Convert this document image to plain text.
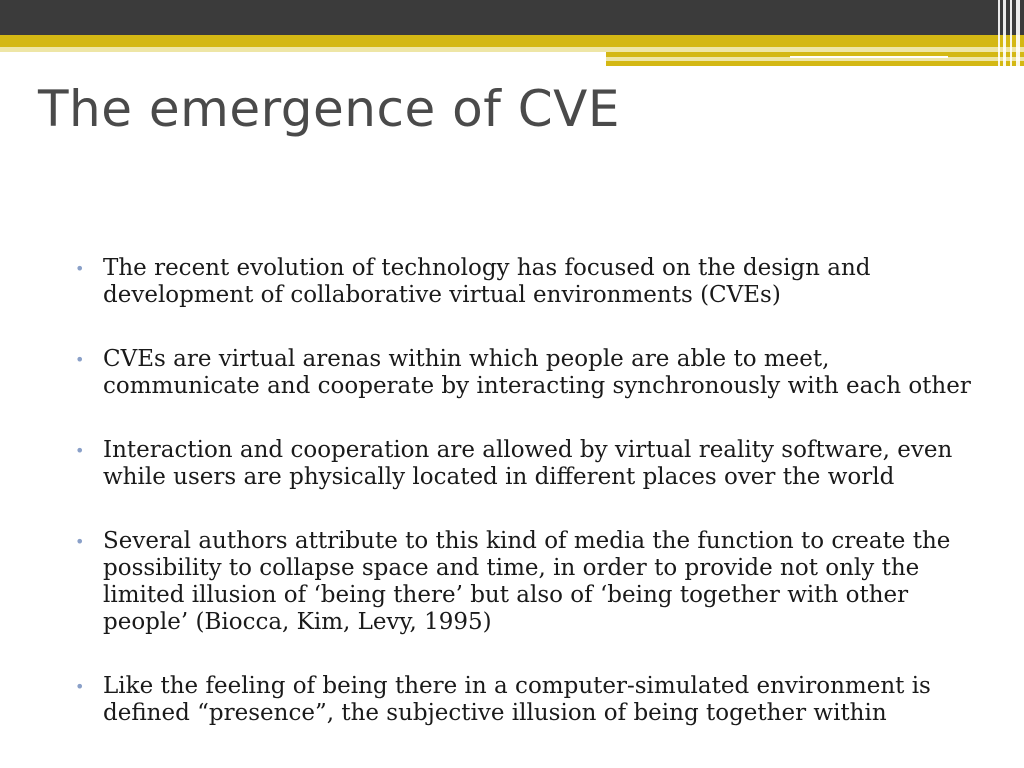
The emergence of CVE
• The recent evolution of technology has focused on the design and development of collaborative virtual environments (CVEs)
• CVEs are virtual arenas within which people are able to meet, communicate and cooperate by interacting synchronously with each other
• Interaction and cooperation are allowed by virtual reality software, even while users are physically located in different places over the world
• Several authors attribute to this kind of media the function to create the possibility to collapse space and time, in order to provide not only the limited illusion of ‘being there’ but also of ‘being together with other people’ (Biocca, Kim, Levy, 1995)
• Like the feeling of being there in a computer-simulated environment is defined “presence”, the subjective illusion of being together within
